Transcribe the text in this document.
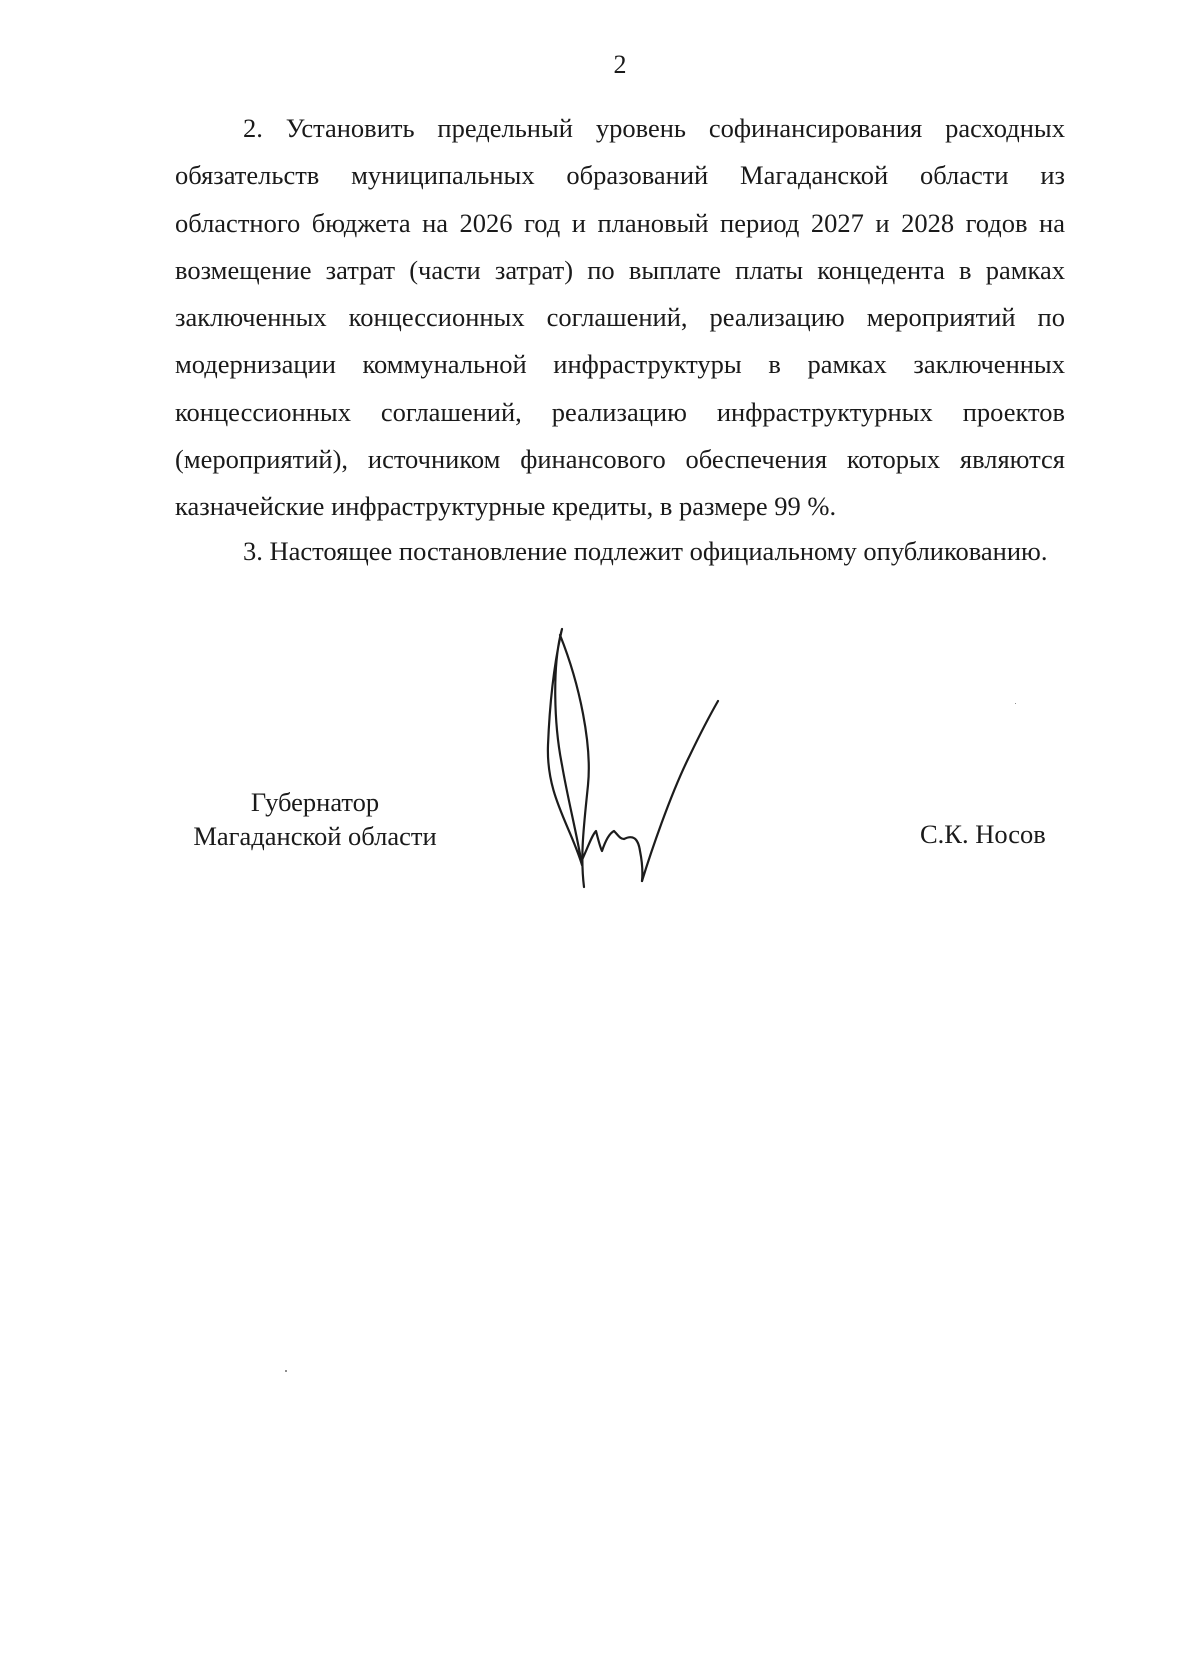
2

2. Установить предельный уровень софинансирования расходных обязательств муниципальных образований Магаданской области из областного бюджета на 2026 год и плановый период 2027 и 2028 годов на возмещение затрат (части затрат) по выплате платы концедента в рамках заключенных концессионных соглашений, реализацию мероприятий по модернизации коммунальной инфраструктуры в рамках заключенных концессионных соглашений, реализацию инфраструктурных проектов (мероприятий), источником финансового обеспечения которых являются казначейские инфраструктурные кредиты, в размере 99 %.

3. Настоящее постановление подлежит официальному опубликованию.

Губернатор
Магаданской области	С.К. Носов
